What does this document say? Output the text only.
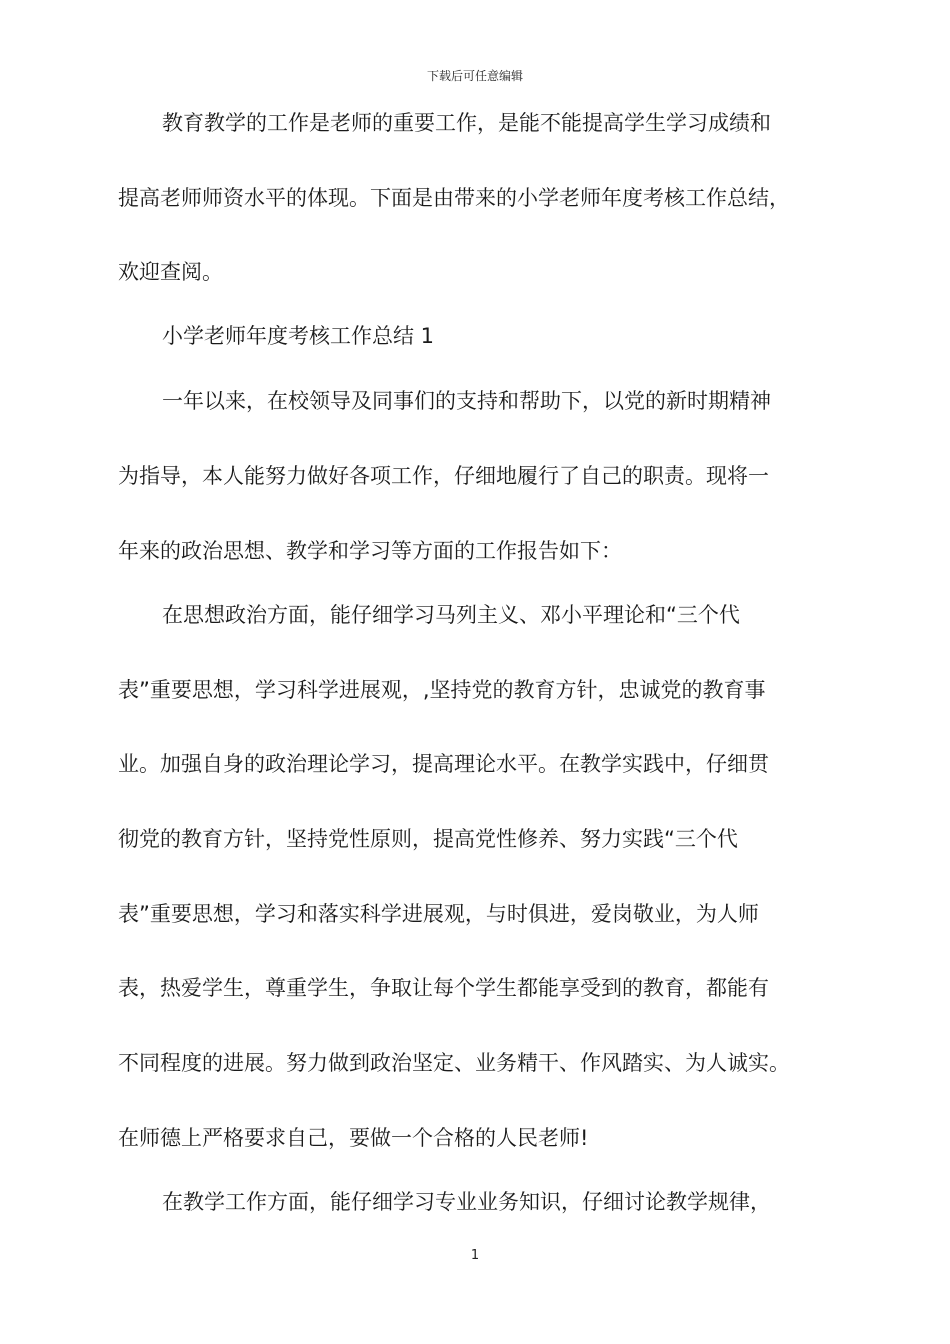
下载后可任意编辑
教育教学的工作是老师的重要工作，是能不能提高学生学习成绩和
提高老师师资水平的体现。下面是由带来的小学老师年度考核工作总结，
欢迎查阅。
小学老师年度考核工作总结 1
一年以来，在校领导及同事们的支持和帮助下，以党的新时期精神
为指导，本人能努力做好各项工作，仔细地履行了自己的职责。现将一
年来的政治思想、教学和学习等方面的工作报告如下：
在思想政治方面，能仔细学习马列主义、邓小平理论和“三个代
表”重要思想，学习科学进展观，,坚持党的教育方针，忠诚党的教育事
业。加强自身的政治理论学习，提高理论水平。在教学实践中，仔细贯
彻党的教育方针，坚持党性原则，提高党性修养、努力实践“三个代
表”重要思想，学习和落实科学进展观，与时俱进，爱岗敬业，为人师
表，热爱学生，尊重学生，争取让每个学生都能享受到的教育，都能有
不同程度的进展。努力做到政治坚定、业务精干、作风踏实、为人诚实。
在师德上严格要求自己，要做一个合格的人民老师!
在教学工作方面，能仔细学习专业业务知识，仔细讨论教学规律，
1
